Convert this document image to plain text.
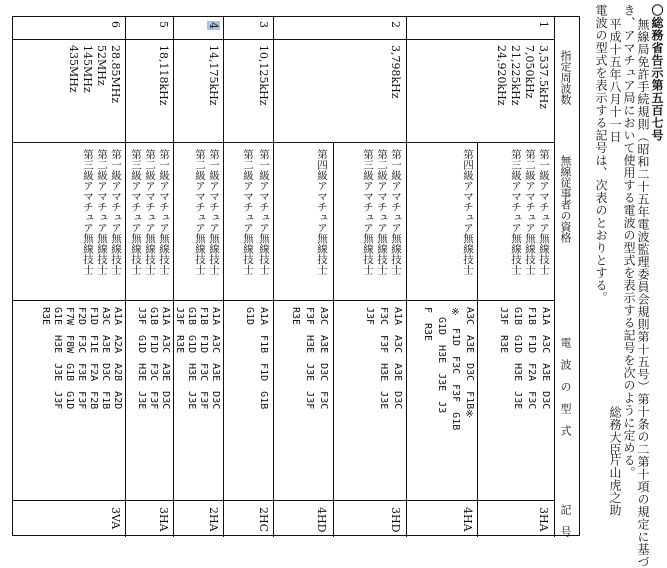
〇総務省告示第五百七号
無線局免許手続規則（昭和二十五年電波監理委員会規則第十五号）第十条の二第十項の規定に基づ
き、アマチュア局において使用する電波の型式を表示する記号を次のように定める。
平成十五年八月十一日
総務大臣
片山虎之助
電波の型式を表示する記号は、次表のとおりとする。
指定周波数
無線従事者の資格
電　波　の　型　式
記　号
1
3,537.5kHz
7,050kHz
21,225kHz
24,920kHz
第一級アマチュア無線技士
第二級アマチュア無線技士
第三級アマチュア無線技士
A1A　A3C　A3E　D3C
F1B　F1D　F2A　F3C
G1B　G1D　H3E　J3E
J3F　R3E
3HA
第四級アマチュア無線技士
A3C　A3E　D3C　F1B※
※　F1D　F3C　F3F　G1B
　G1D　H3E　J3E　J3
F　R3E
4HA
2
3,798kHz
第一級アマチュア無線技士
第二級アマチュア無線技士
第三級アマチュア無線技士
A1A　A3C　A3E　D3C
F3C　F3F　H3E　J3E
J3F
3HD
第四級アマチュア無線技士
A3C　A3E　D3C　F3C
F3F　H3E　J3E　J3F
R3E
4HD
3
10,125kHz
第一級アマチュア無線技士
第二級アマチュア無線技士
A1A　F1B　F1D　G1B
G1D
2HC
4
14,175kHz
第一級アマチュア無線技士
第二級アマチュア無線技士
A1A　A3C　A3E　D3C
F1B　F1D　F3C　F3F
G1B　G1D　H3E　J3E
J3F　R3E
2HA
5
18,118kHz
第一級アマチュア無線技士
第二級アマチュア無線技士
第三級アマチュア無線技士
A1A　A3C　A3E　D3C
G1B　F1D　F3C　F3F
J3F　G1D　H3E　J3E
3HA
6
28.85MHz
52MHz
145MHz
435MHz
第一級アマチュア無線技士
第二級アマチュア無線技士
第三級アマチュア無線技士
A1A　A2A　A2B　A2D
A3C　A3E　D3C　F1B
F1D　F1E　F2A　F2B
F2D　F3C　F3E　F3F
F7W　F8W　G1B　G1D
G1E　H3E　J3E　J3F
R3E
3VA
